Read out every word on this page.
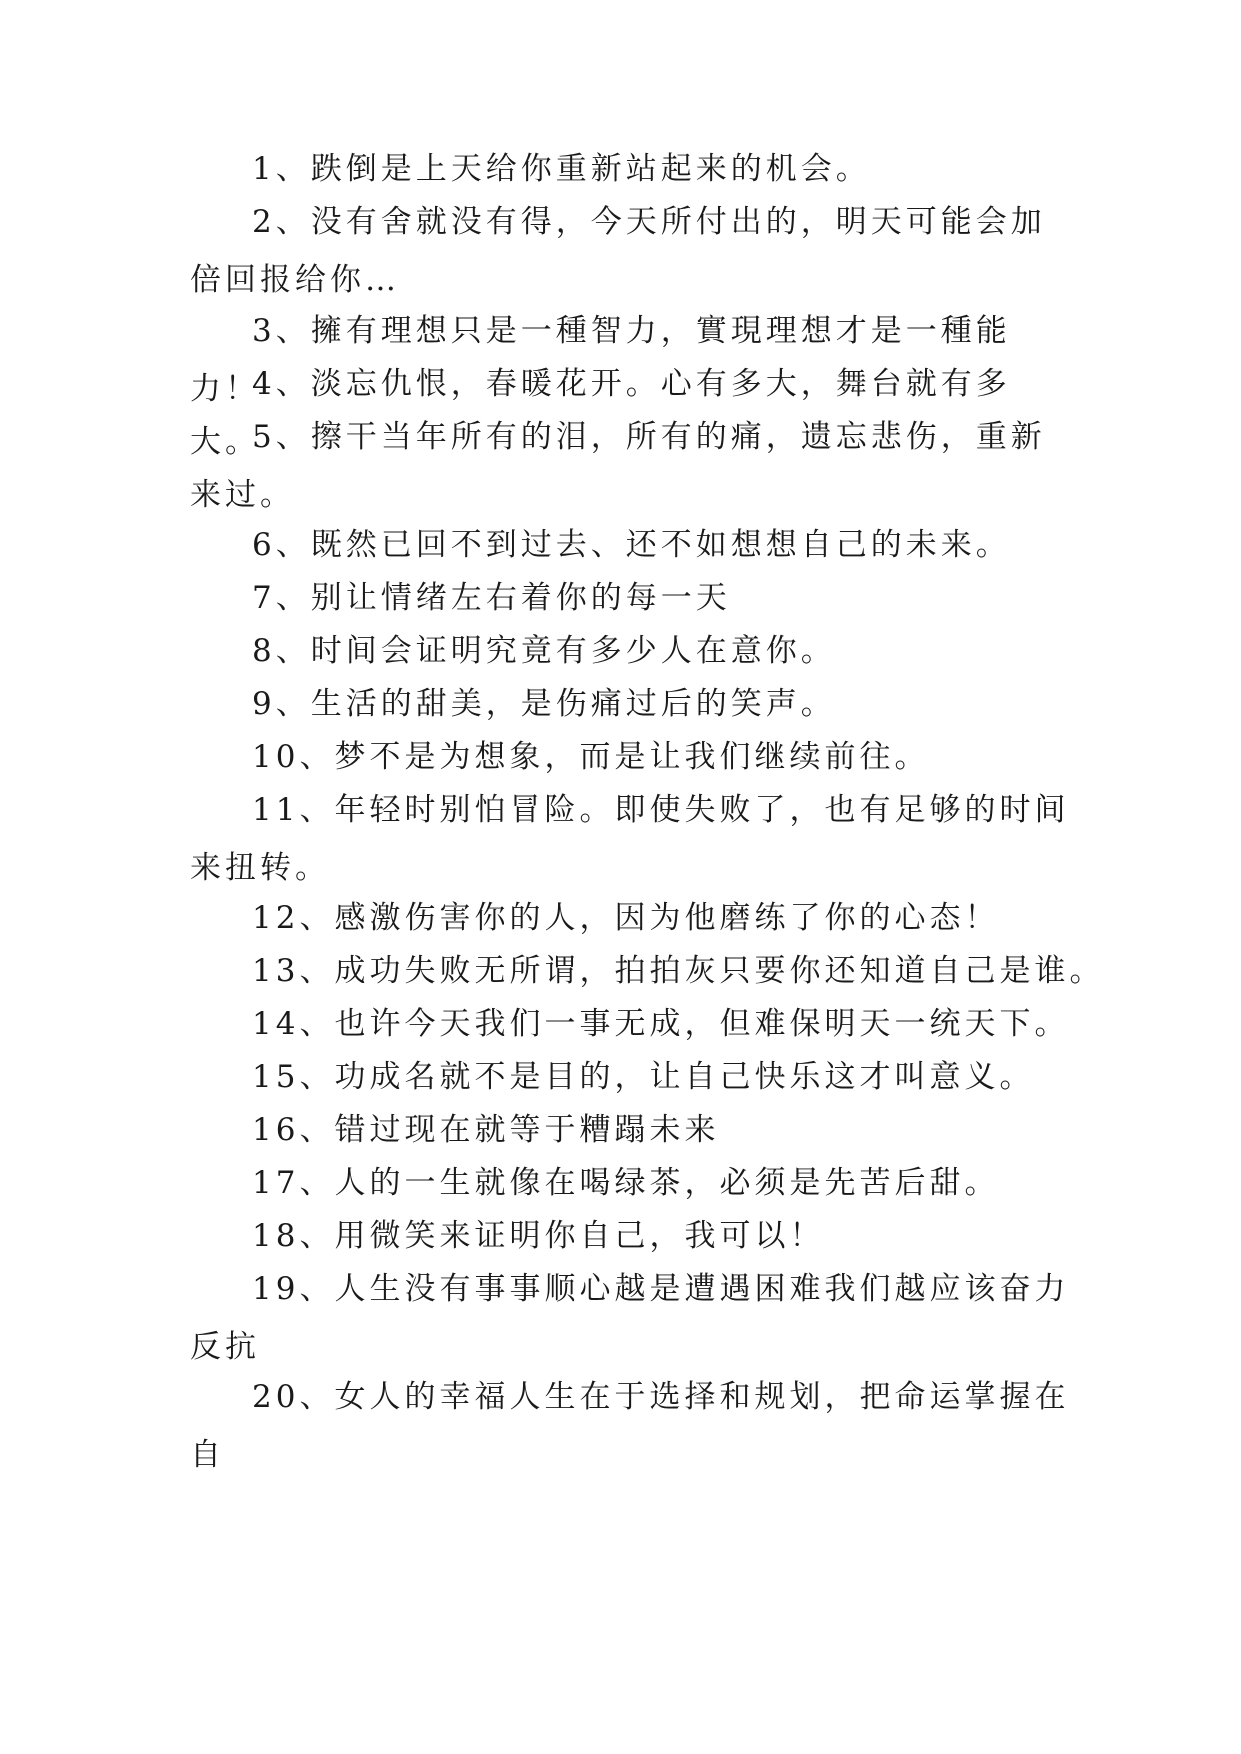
1、跌倒是上天给你重新站起来的机会。

2、没有舍就没有得，今天所付出的，明天可能会加倍回报给你…

3、擁有理想只是一種智力，實現理想才是一種能力！

4、淡忘仇恨，春暖花开。心有多大，舞台就有多大。

5、擦干当年所有的泪，所有的痛，遗忘悲伤，重新来过。

6、既然已回不到过去、还不如想想自己的未来。

7、别让情绪左右着你的每一天

8、时间会证明究竟有多少人在意你。

9、生活的甜美，是伤痛过后的笑声。

10、梦不是为想象，而是让我们继续前往。

11、年轻时别怕冒险。即使失败了，也有足够的时间来扭转。

12、感激伤害你的人，因为他磨练了你的心态！

13、成功失败无所谓，拍拍灰只要你还知道自己是谁。

14、也许今天我们一事无成，但难保明天一统天下。

15、功成名就不是目的，让自己快乐这才叫意义。

16、错过现在就等于糟蹋未来

17、人的一生就像在喝绿茶，必须是先苦后甜。

18、用微笑来证明你自己，我可以！

19、人生没有事事顺心越是遭遇困难我们越应该奋力反抗

20、女人的幸福人生在于选择和规划，把命运掌握在自
